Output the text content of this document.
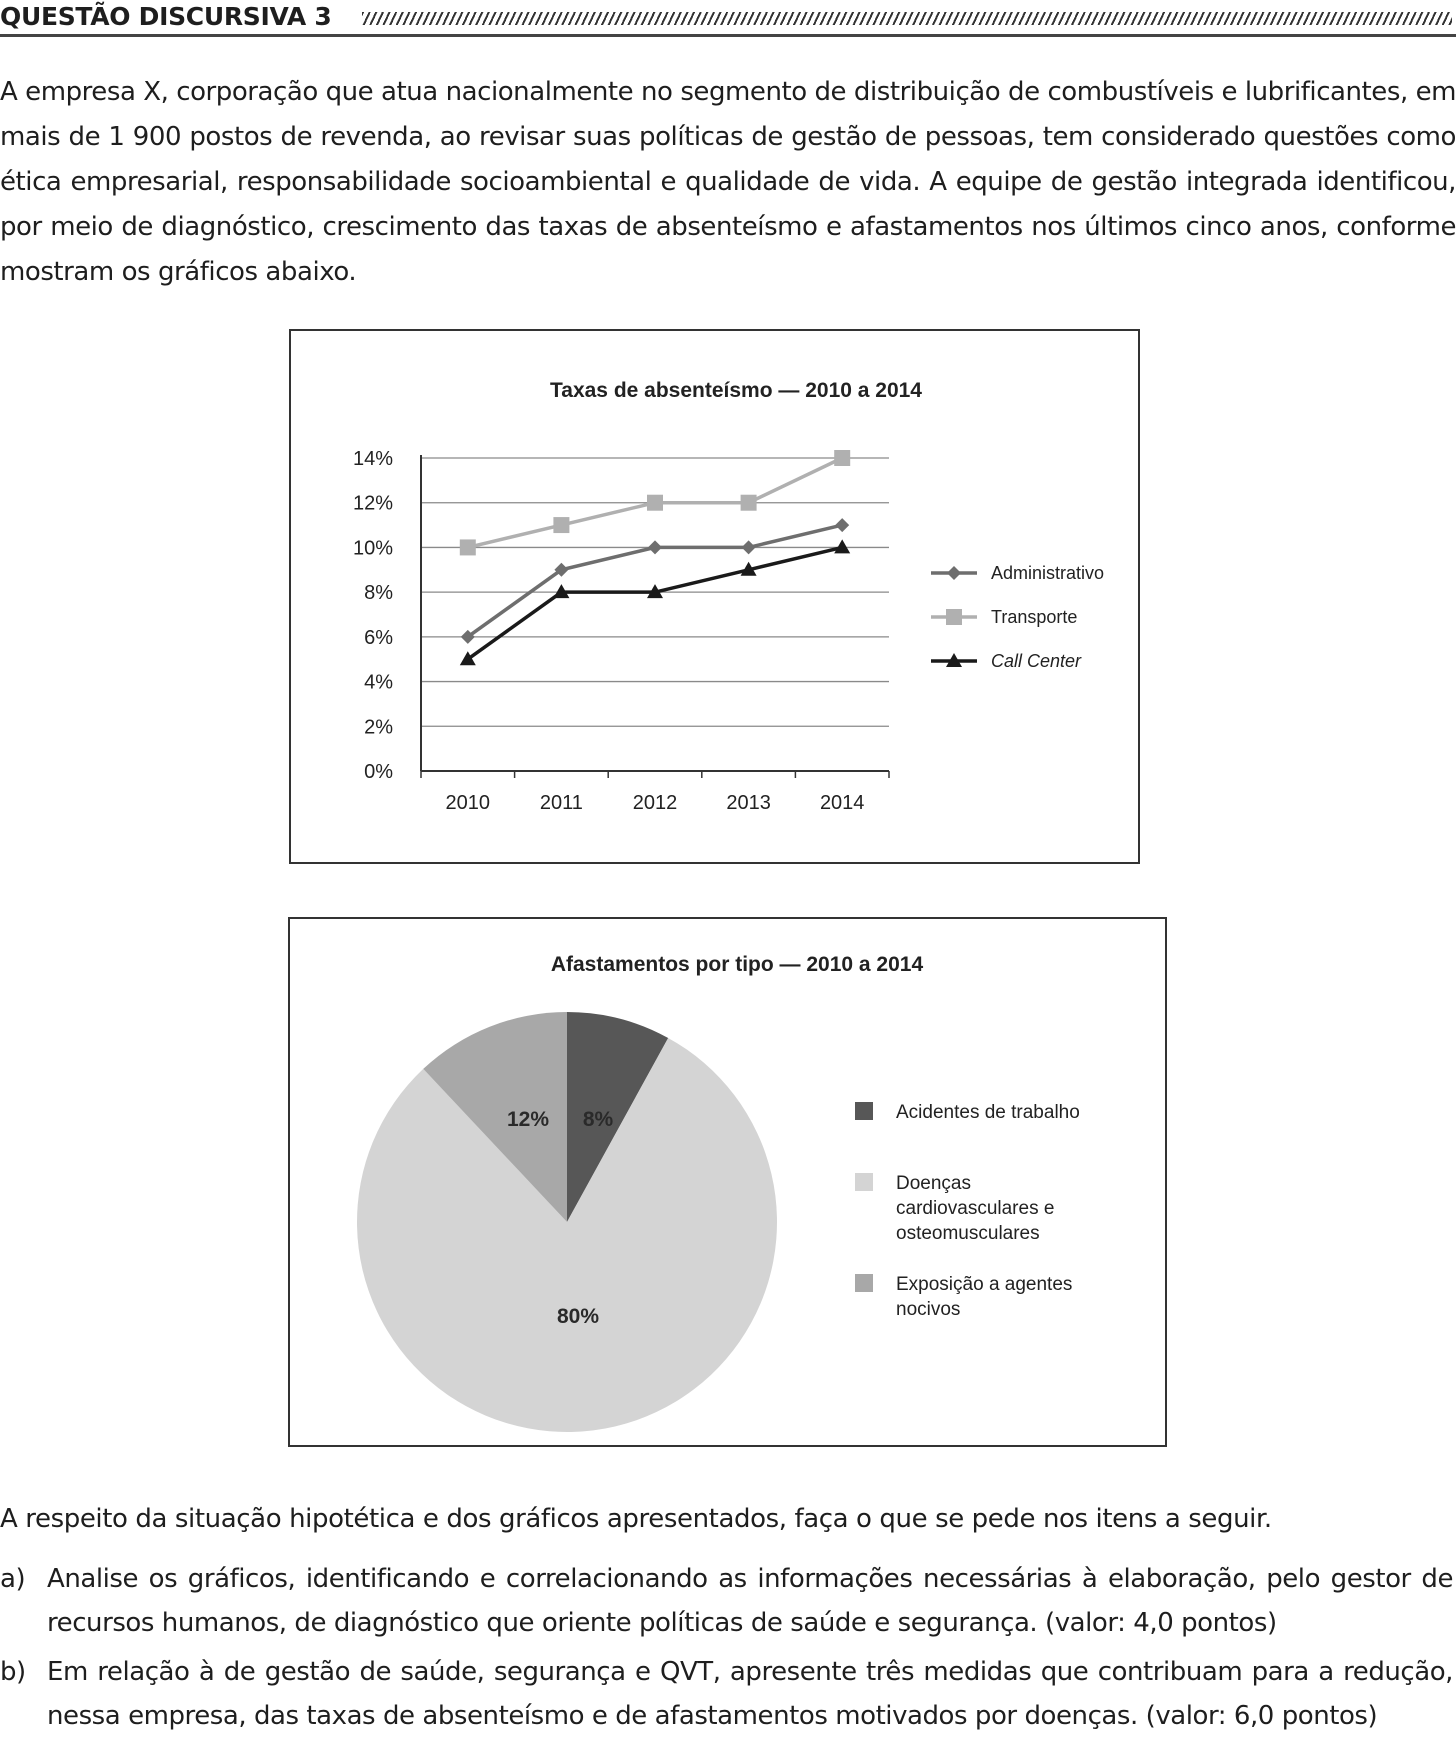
QUESTÃO DISCURSIVA 3

A empresa X, corporação que atua nacionalmente no segmento de distribuição de combustíveis e lubrificantes, em mais de 1 900 postos de revenda, ao revisar suas políticas de gestão de pessoas, tem considerado questões como ética empresarial, responsabilidade socioambiental e qualidade de vida. A equipe de gestão integrada identificou, por meio de diagnóstico, crescimento das taxas de absenteísmo e afastamentos nos últimos cinco anos, conforme mostram os gráficos abaixo.

Taxas de absenteísmo — 2010 a 2014
0%
2%
4%
6%
8%
10%
12%
14%
2010 2011 2012 2013 2014
Administrativo
Transporte
Call Center
Afastamentos por tipo — 2010 a 2014
8%
80%
12%	Acidentes de trabalho
Doenças cardiovasculares e osteomusculares
Exposição a agentes nocivos

A respeito da situação hipotética e dos gráficos apresentados, faça o que se pede nos itens a seguir.

a) Analise os gráficos, identificando e correlacionando as informações necessárias à elaboração, pelo gestor de recursos humanos, de diagnóstico que oriente políticas de saúde e segurança. (valor: 4,0 pontos)

b) Em relação à de gestão de saúde, segurança e QVT, apresente três medidas que contribuam para a redução, nessa empresa, das taxas de absenteísmo e de afastamentos motivados por doenças. (valor: 6,0 pontos)
